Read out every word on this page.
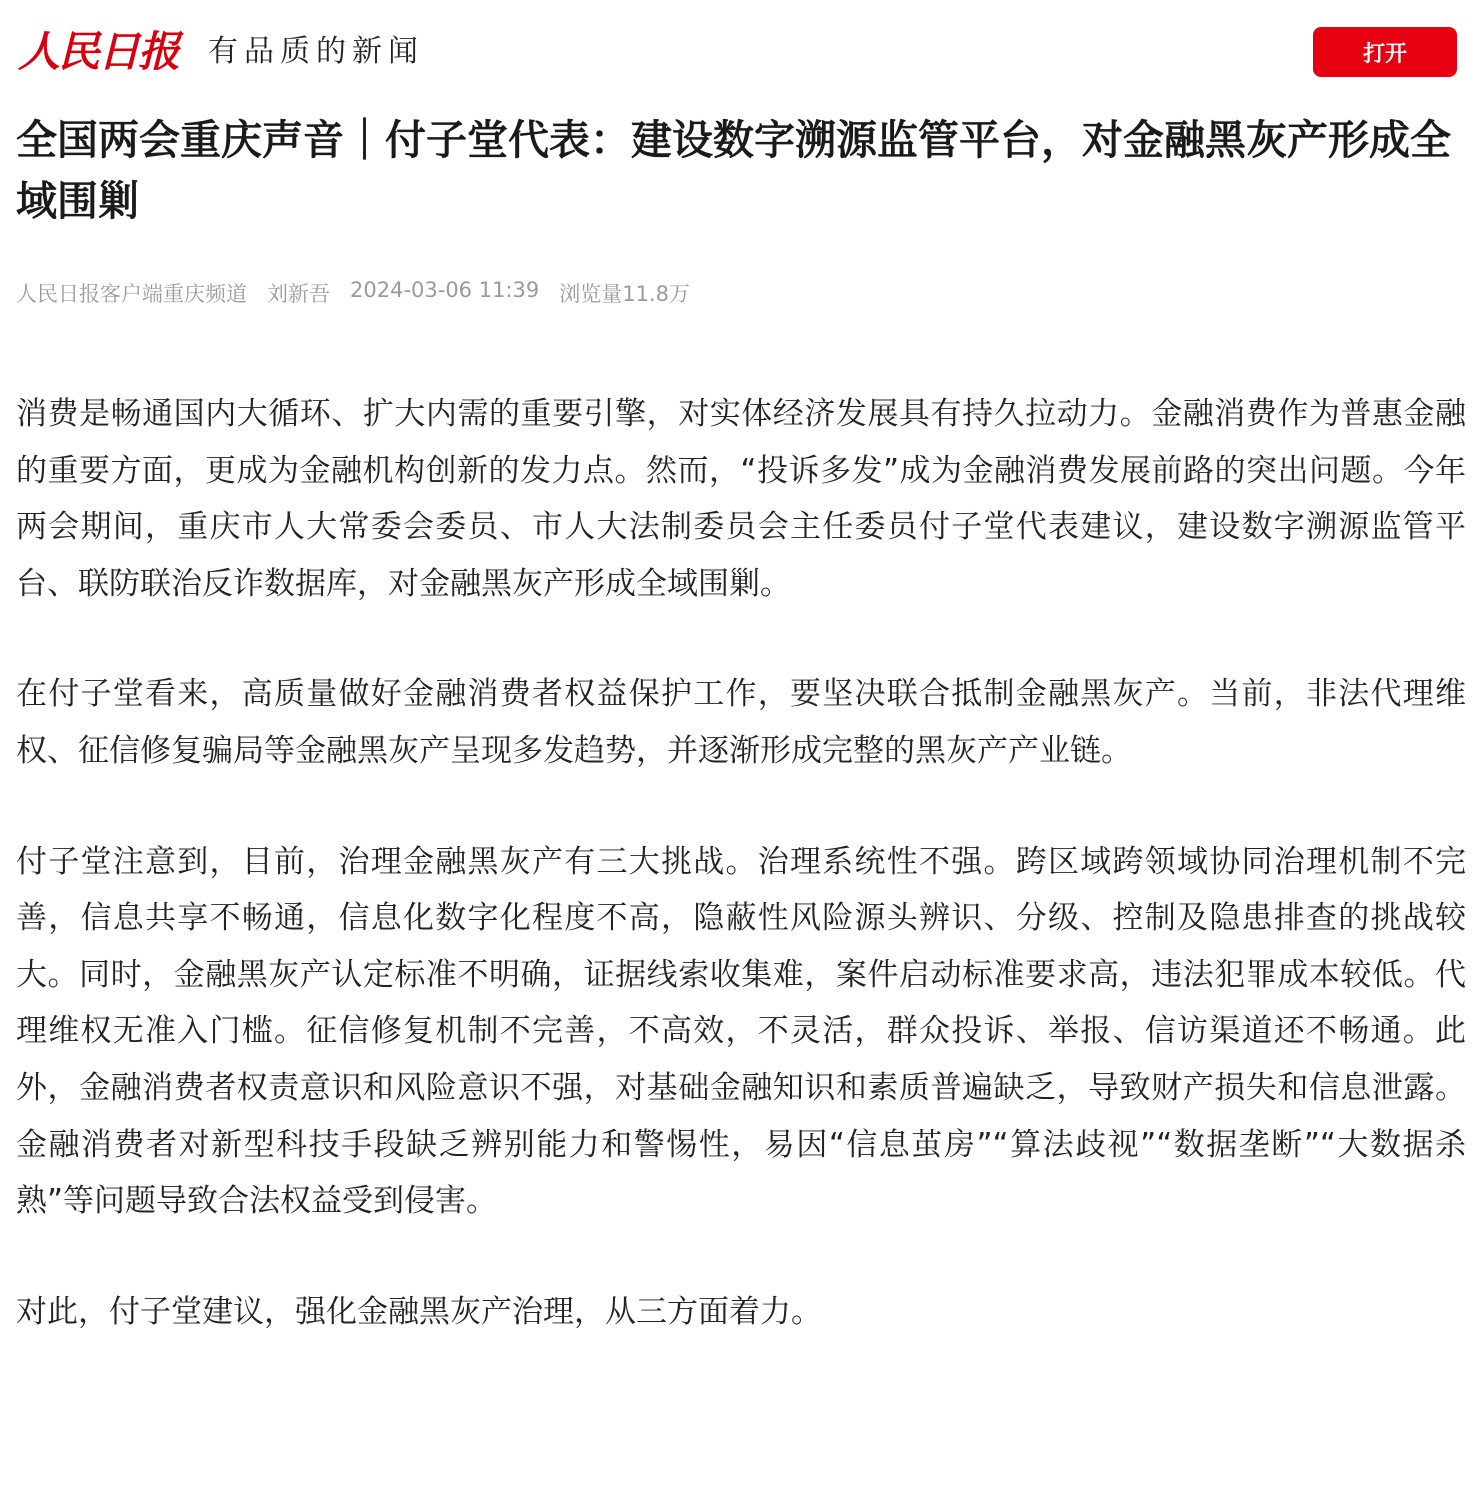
人民日报 有品质的新闻	打开
全国两会重庆声音｜付子堂代表：建设数字溯源监管平台，对金融黑灰产形成全域围剿
人民日报客户端重庆频道 刘新吾 2024-03-06 11:39 浏览量11.8万

消费是畅通国内大循环、扩大内需的重要引擎，对实体经济发展具有持久拉动力。金融消费作为普惠金融的重要方面，更成为金融机构创新的发力点。然而，“投诉多发”成为金融消费发展前路的突出问题。今年两会期间，重庆市人大常委会委员、市人大法制委员会主任委员付子堂代表建议，建设数字溯源监管平台、联防联治反诈数据库，对金融黑灰产形成全域围剿。

在付子堂看来，高质量做好金融消费者权益保护工作，要坚决联合抵制金融黑灰产。当前，非法代理维权、征信修复骗局等金融黑灰产呈现多发趋势，并逐渐形成完整的黑灰产产业链。

付子堂注意到，目前，治理金融黑灰产有三大挑战。治理系统性不强。跨区域跨领域协同治理机制不完善，信息共享不畅通，信息化数字化程度不高，隐蔽性风险源头辨识、分级、控制及隐患排查的挑战较大。同时，金融黑灰产认定标准不明确，证据线索收集难，案件启动标准要求高，违法犯罪成本较低。代理维权无准入门槛。征信修复机制不完善，不高效，不灵活，群众投诉、举报、信访渠道还不畅通。此外，金融消费者权责意识和风险意识不强，对基础金融知识和素质普遍缺乏，导致财产损失和信息泄露。金融消费者对新型科技手段缺乏辨别能力和警惕性，易因“信息茧房”“算法歧视”“数据垄断”“大数据杀熟”等问题导致合法权益受到侵害。

对此，付子堂建议，强化金融黑灰产治理，从三方面着力。
